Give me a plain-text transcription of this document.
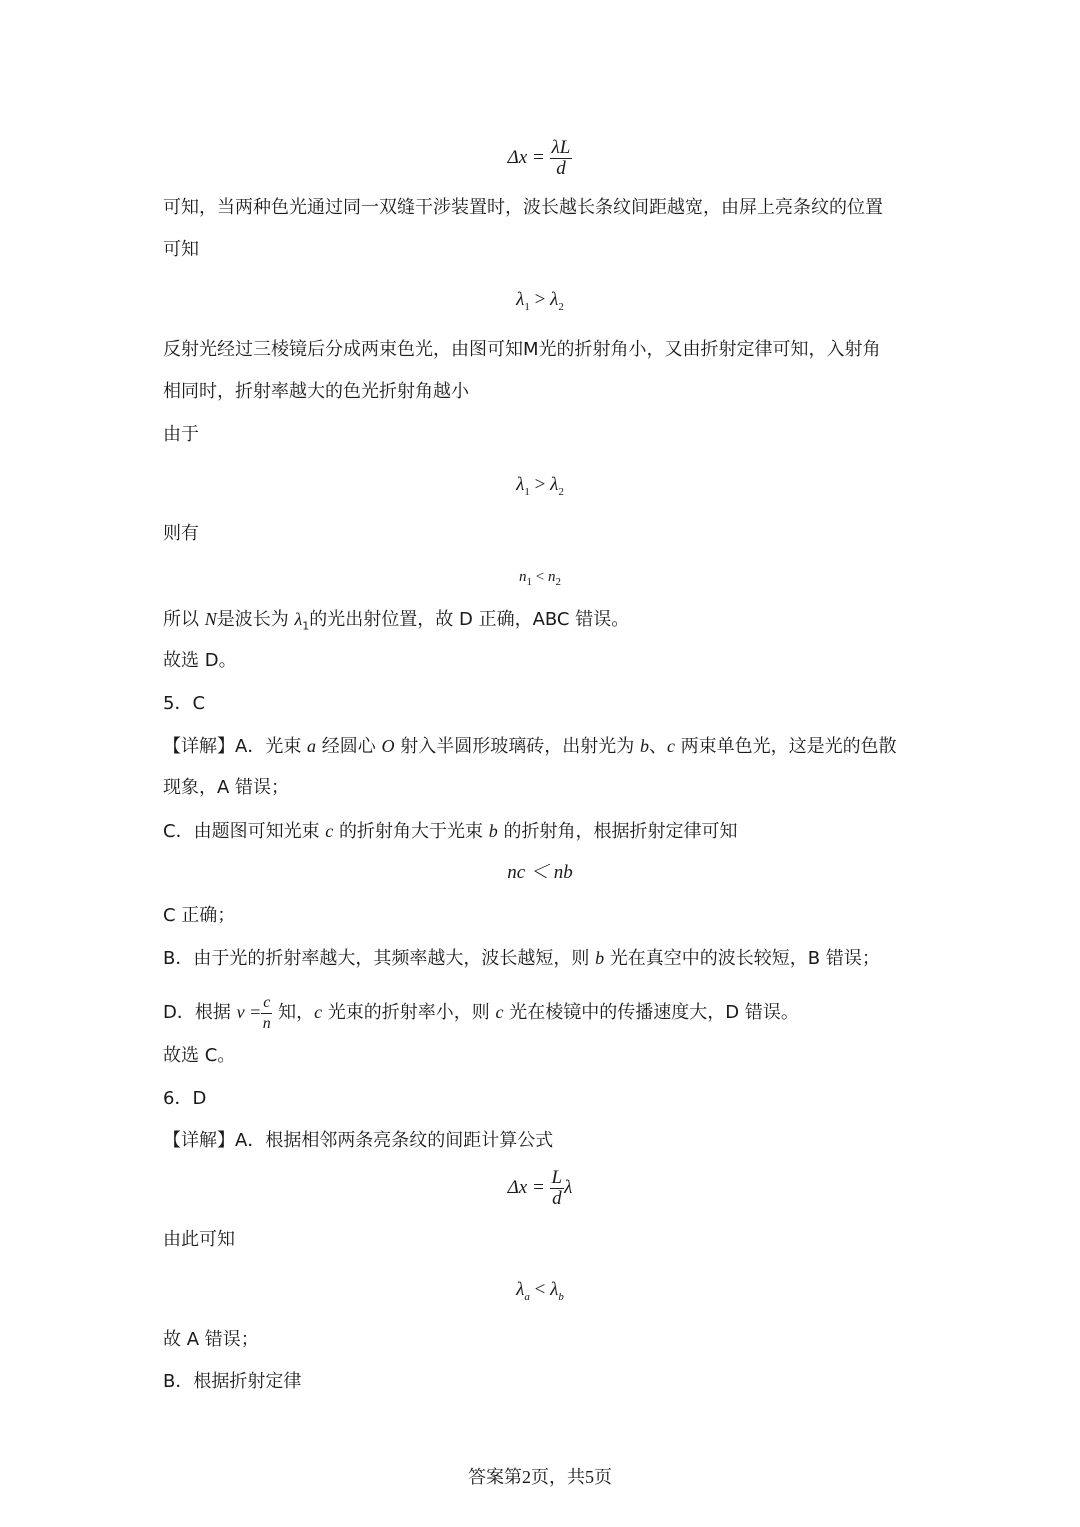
$\Delta x = \frac{\lambda L}{d}$
可知，当两种色光通过同一双缝干涉装置时，波长越长条纹间距越宽，由屏上亮条纹的位置
可知
$\lambda_1 > \lambda_2$
反射光经过三棱镜后分成两束色光，由图可知M光的折射角小，又由折射定律可知，入射角
相同时，折射率越大的色光折射角越小
由于
$\lambda_1 > \lambda_2$
则有
$n_1 < n_2$
所以 N是波长为 $\lambda_1$的光出射位置，故 D 正确，ABC 错误。
故选 D。
5．C
【详解】A．光束 a 经圆心 O 射入半圆形玻璃砖，出射光为 b、c 两束单色光，这是光的色散
现象，A 错误；
C．由题图可知光束 c 的折射角大于光束 b 的折射角，根据折射定律可知
nc ＜ nb
C 正确；
B．由于光的折射率越大，其频率越大，波长越短，则 b 光在真空中的波长较短，B 错误；
D．根据 $v = \frac{c}{n}$ 知，c 光束的折射率小，则 c 光在棱镜中的传播速度大，D 错误。
故选 C。
6．D
【详解】A．根据相邻两条亮条纹的间距计算公式
$\Delta x = \frac{L}{d}$ λ
由此可知
$\lambda_a < \lambda_b$
故 A 错误；
B．根据折射定律
答案第2页，共5页
